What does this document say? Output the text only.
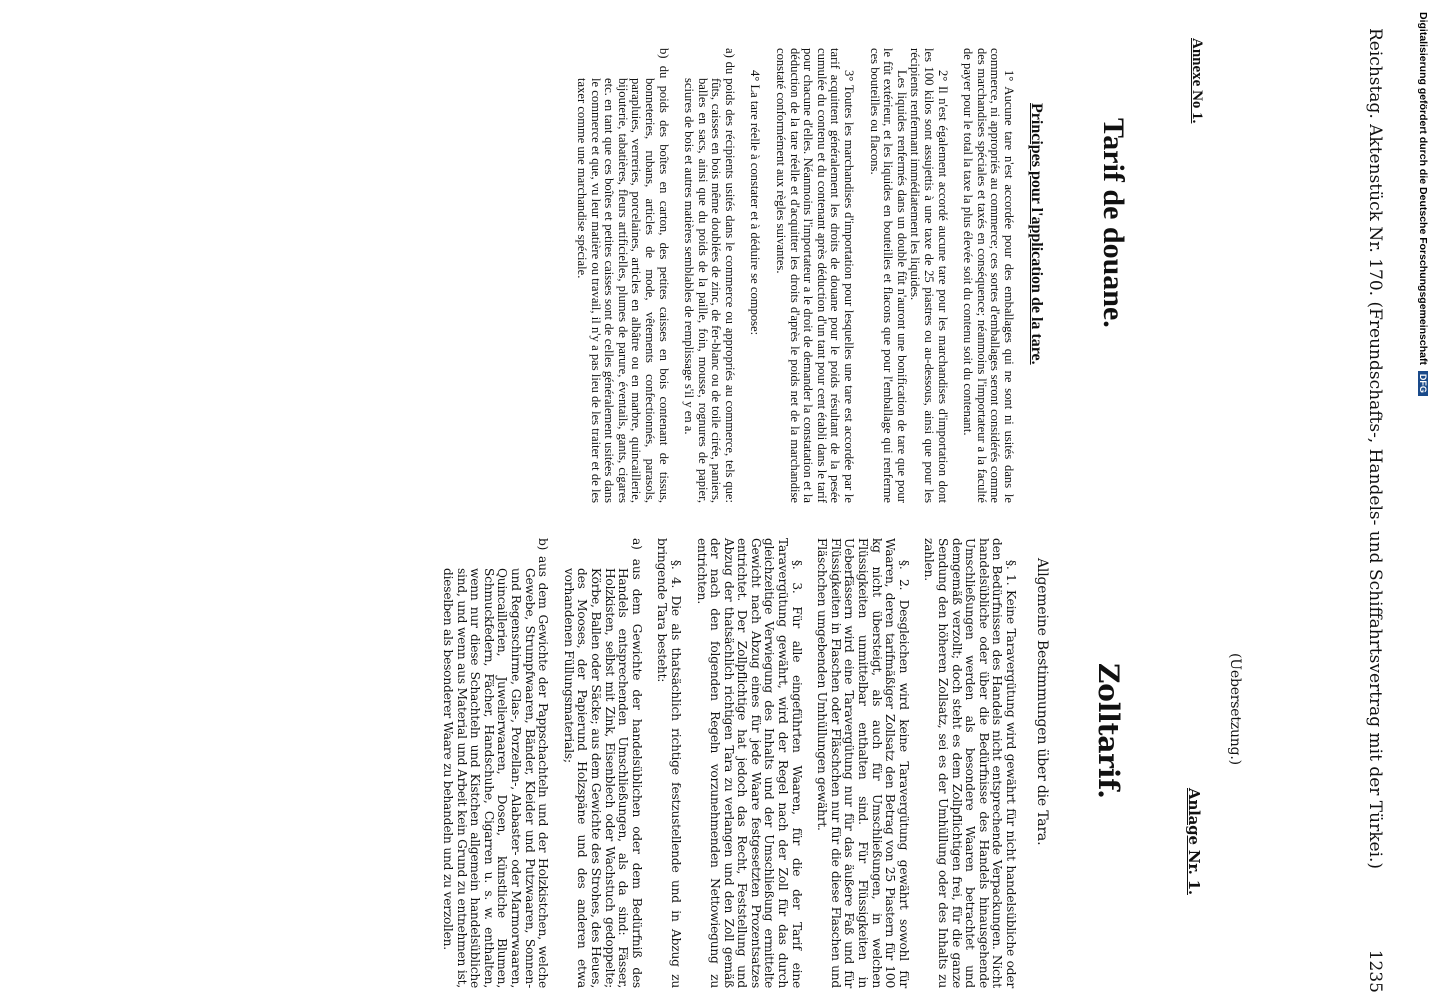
Reichstag. Aktenstück Nr. 170. (Freundschafts-, Handels- und Schiffahrtsvertrag mit der Türkei.)
1235
Annexe No 1.
Tarif de douane.
Principes pour l'application de la tare.

1° Aucune tare n'est accordée pour des emballages qui ne sont ni usités dans le commerce, ni appropriés au commerce; ces sortes d'emballages seront considérés comme des marchandises spéciales et taxés en conséquence; néanmoins l'importateur a la faculté de payer pour le total la taxe la plus élevée soit du contenu soit du contenant.

2° Il n'est également accordé aucune tare pour les marchandises d'importation dont les 100 kilos sont assujettis à une taxe de 25 piastres ou au-dessous, ainsi que pour les récipients renfermant immédiatement les liquides.

Les liquides renfermés dans un double fût n'auront une bonification de tare que pour le fût extérieur, et les liquides en bouteilles et flacons que pour l'emballage qui renferme ces bouteilles ou flacons.

3° Toutes les marchandises d'importation pour lesquelles une tare est accordée par le tarif acquittent généralement les droits de douane pour le poids résultant de la pesée cumulée du contenu et du contenant après déduction d'un tant pour cent établi dans le tarif pour chacune d'elles. Néanmoins l'importateur a le droit de demander la constatation et la déduction de la tare réelle et d'acquitter les droits d'après le poids net de la marchandise constaté conformément aux règles suivantes.

4° La tare réelle à constater et à déduire se compose:

a) du poids des récipients usités dans le commerce ou appropriés au commerce, tels que: fûts, caisses en bois même doublées de zinc, de fer-blanc ou de toile cirée, paniers, balles en sacs, ainsi que du poids de la paille, foin, mousse, rognures de papier, sciures de bois et autres matières semblables de remplissage s'il y en a.

b) du poids des boîtes en carton, des petites caisses en bois contenant de tissus, bonneteries, rubans, articles de mode, vêtements confectionnés, parasols, parapluies, verreries, porcelaines, articles en albâtre ou en marbre, quincaillerie, bijouterie, tabatières, fleurs artificielles, plumes de parure, éventails, gants, cigares etc. en tant que ces boîtes et petites caisses sont de celles généralement usitées dans le commerce et que, vu leur matière ou travail, il n'y a pas lieu de les traiter et de les taxer comme une marchandise spéciale.

Anlage Nr. 1.
(Uebersetzung.)
Zolltarif.
Allgemeine Bestimmungen über die Tara.

§. 1. Keine Taravergütung wird gewährt für nicht handelsübliche oder den Bedürfnissen des Handels nicht entsprechende Verpackungen. Nicht handelsübliche oder über die Bedürfnisse des Handels hinausgehende Umschließungen werden als besondere Waaren betrachtet und demgemäß verzollt; doch steht es dem Zollpflichtigen frei, für die ganze Sendung den höheren Zollsatz, sei es der Umhüllung oder des Inhalts zu zahlen.

§. 2. Desgleichen wird keine Taravergütung gewährt sowohl für Waaren, deren tarifmäßiger Zollsatz den Betrag von 25 Piastern für 100 kg nicht übersteigt, als auch für Umschließungen, in welchen Flüssigkeiten unmittelbar enthalten sind. Für Flüssigkeiten in Ueberfässern wird eine Taravergütung nur für das äußere Faß und für Flüssigkeiten in Flaschen oder Fläschchen nur für die diese Flaschen und Fläschchen umgebenden Umhüllungen gewährt.

§. 3. Für alle eingeführten Waaren, für die der Tarif eine Taravergütung gewährt, wird der Regel nach der Zoll für das durch gleichzeitige Verwiegung des Inhalts und der Umschließung ermittelte Gewicht nach Abzug eines für jede Waare festgesetzten Prozentsatzes entrichtet. Der Zollpflichtige hat jedoch das Recht, Feststellung und Abzug der thatsächlich richtigen Tara zu verlangen und den Zoll gemäß der nach den folgenden Regeln vorzunehmenden Nettowiegung zu entrichten.

§. 4. Die als thatsächlich richtige festzustellende und in Abzug zu bringende Tara besteht:

a) aus dem Gewichte der handelsüblichen oder dem Bedürfniß des Handels entsprechenden Umschließungen, als da sind: Fässer, Holzkisten, selbst mit Zink, Eisenblech oder Wachstuch gedoppelte; Körbe, Ballen oder Säcke; aus dem Gewichte des Strohes, des Heues, des Mooses, der Papierund Holzspäne und des anderen etwa vorhandenen Füllungsmaterials;

b) aus dem Gewichte der Pappschachteln und der Holzkistchen, welche Gewebe, Strumpfwaaren, Bänder, Kleider und Putzwaaren, Sonnen- und Regenschirme, Glas-, Porzellan-, Alabaster- oder Marmorwaaren, Quincaillerien, Juwelierwaaren, Dosen, künstliche Blumen, Schmuckfedern, Fächer, Handschuhe, Cigarren u. s. w. enthalten, wenn nur diese Schachteln und Kistchen allgemein handelsübliche sind, und wenn aus Material und Arbeit kein Grund zu entnehmen ist, dieselben als besonderer Waare zu behandeln und zu verzollen.

Digitalisierung gefördert durch die Deutsche Forschungsgemeinschaft DFG
